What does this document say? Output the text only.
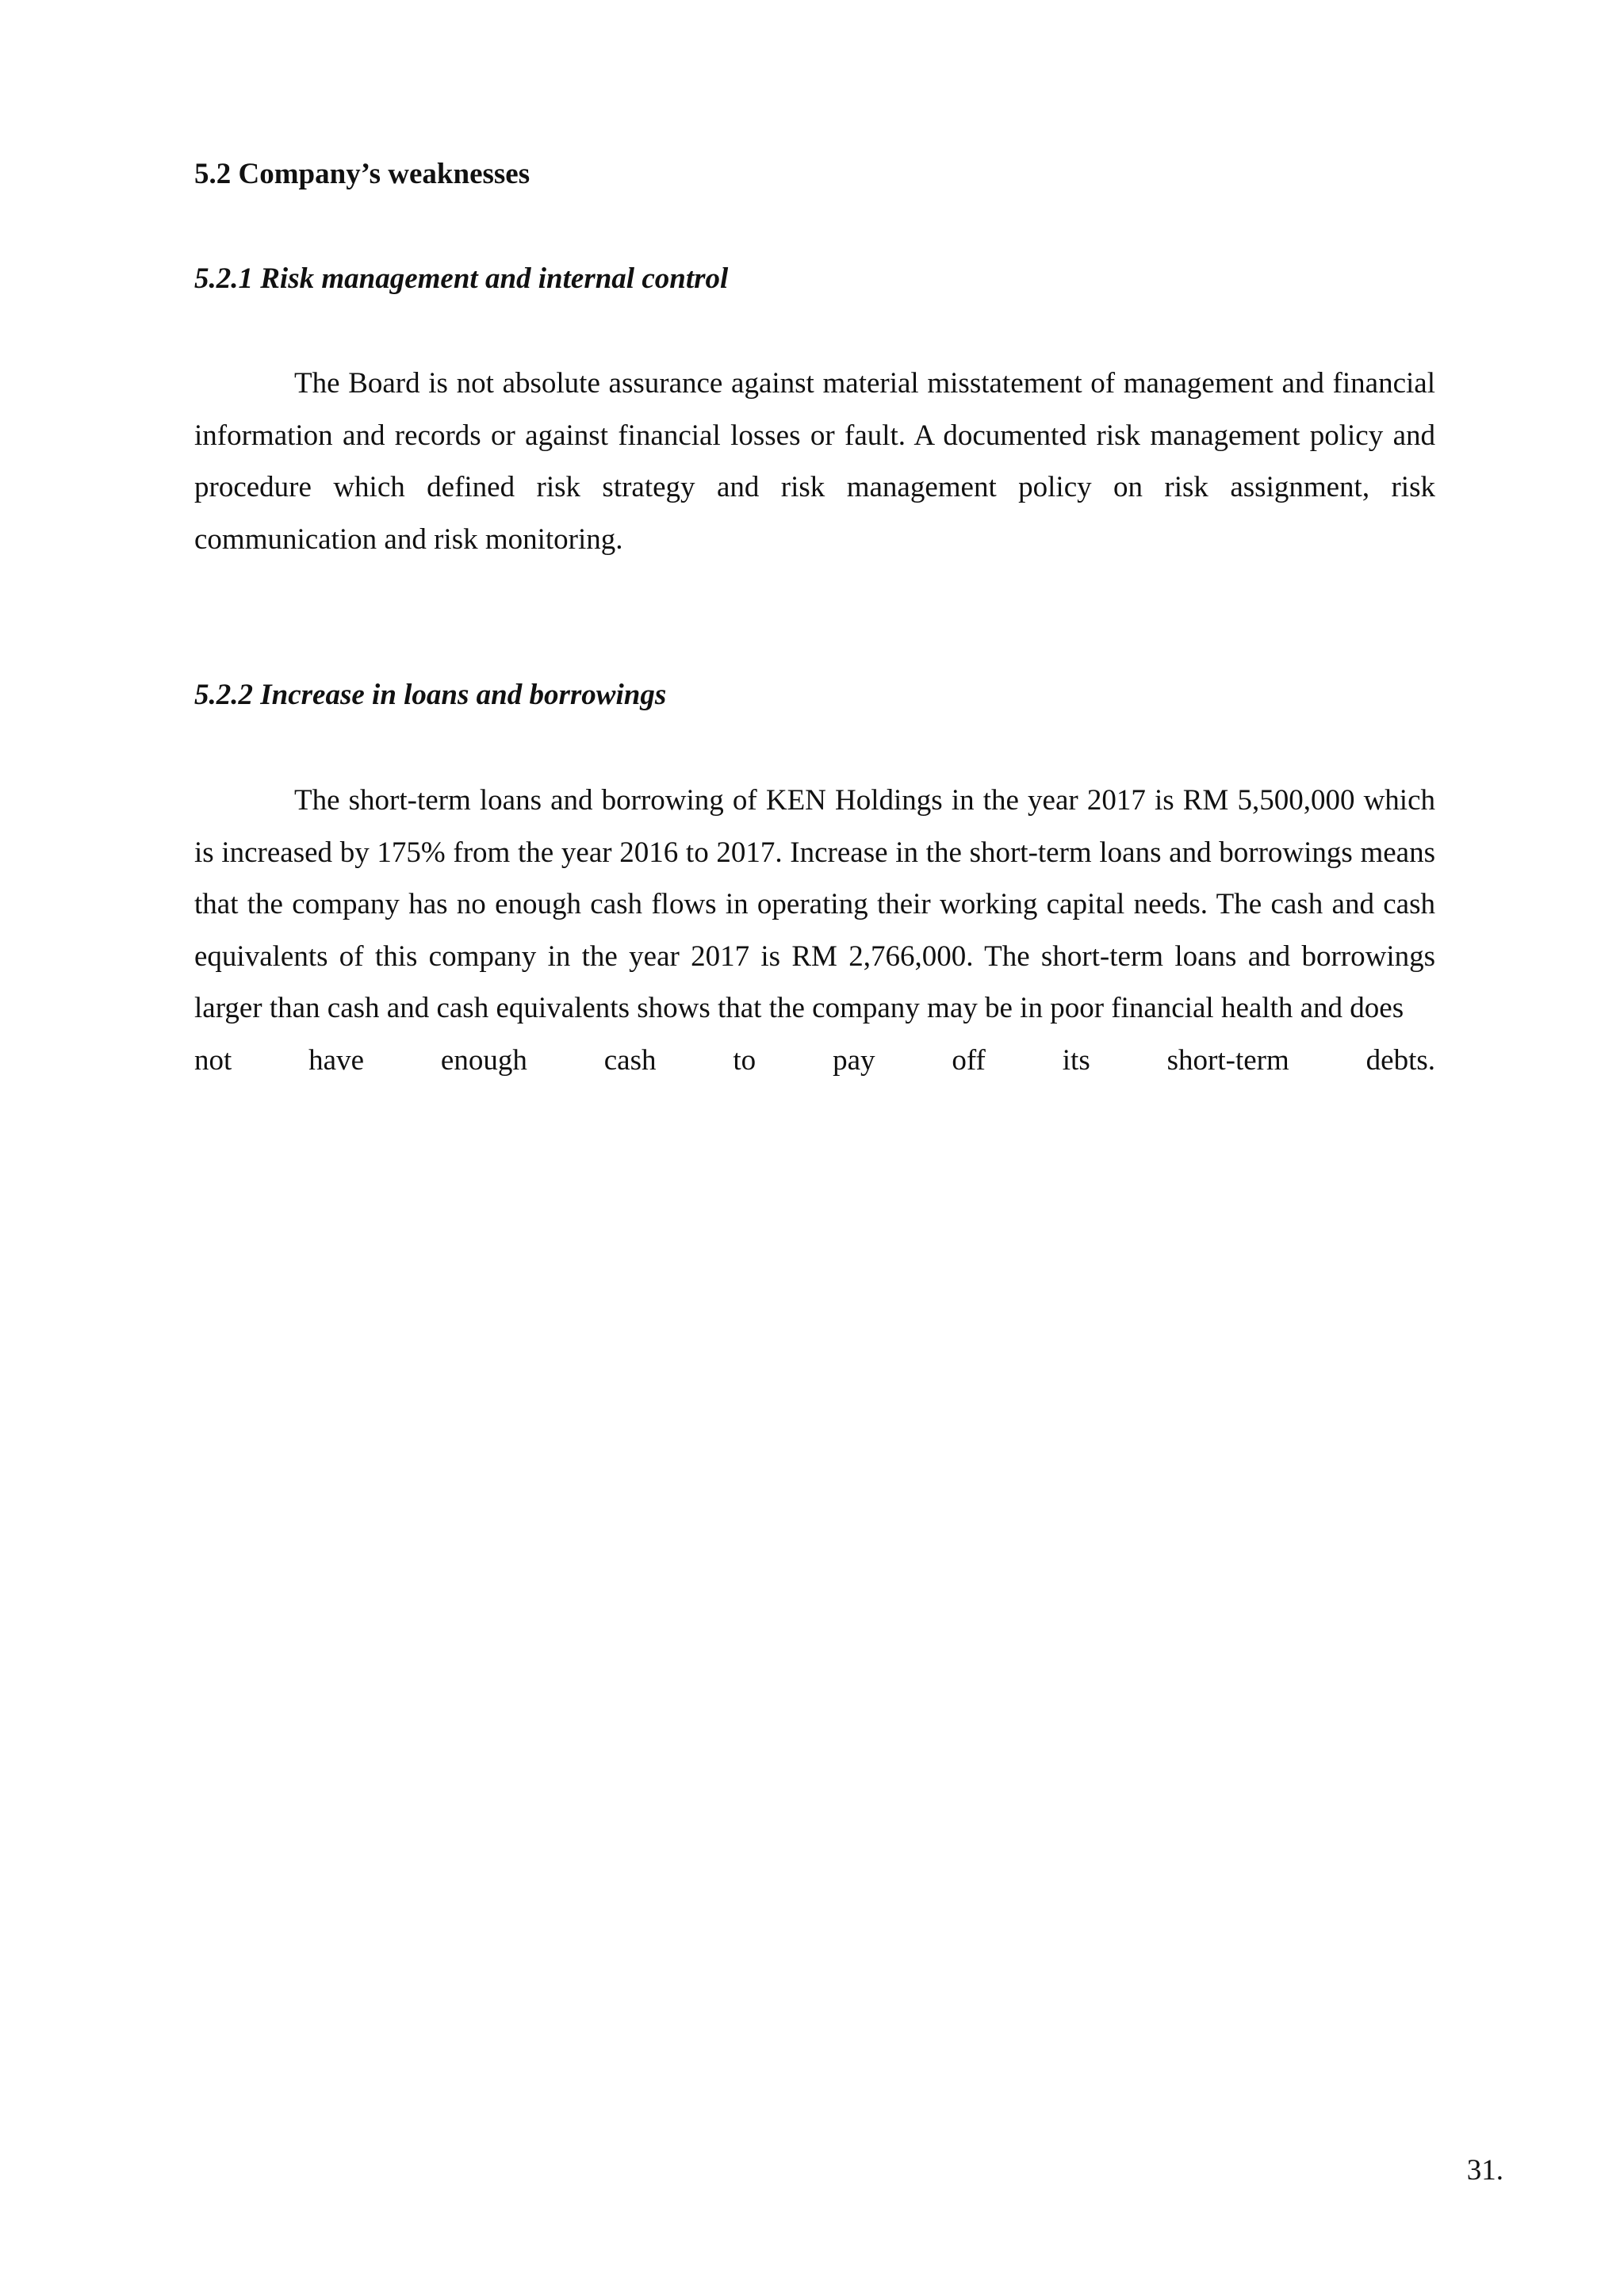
5.2 Company’s weaknesses
5.2.1 Risk management and internal control

The Board is not absolute assurance against material misstatement of management and financial information and records or against financial losses or fault. A documented risk management policy and procedure which defined risk strategy and risk management policy on risk assignment, risk communication and risk monitoring.

5.2.2 Increase in loans and borrowings
The short-term loans and borrowing of KEN Holdings in the year 2017 is RM 5,500,000 which is increased by 175% from the year 2016 to 2017. Increase in the short-term loans and borrowings means that the company has no enough cash flows in operating their working capital needs. The cash and cash equivalents of this company in the year 2017 is RM 2,766,000. The short-term loans and borrowings larger than cash and cash equivalents shows that the company may be in poor financial health and does
not	have	enough	cash	to	pay	off	its	short-term	debts.
31.
